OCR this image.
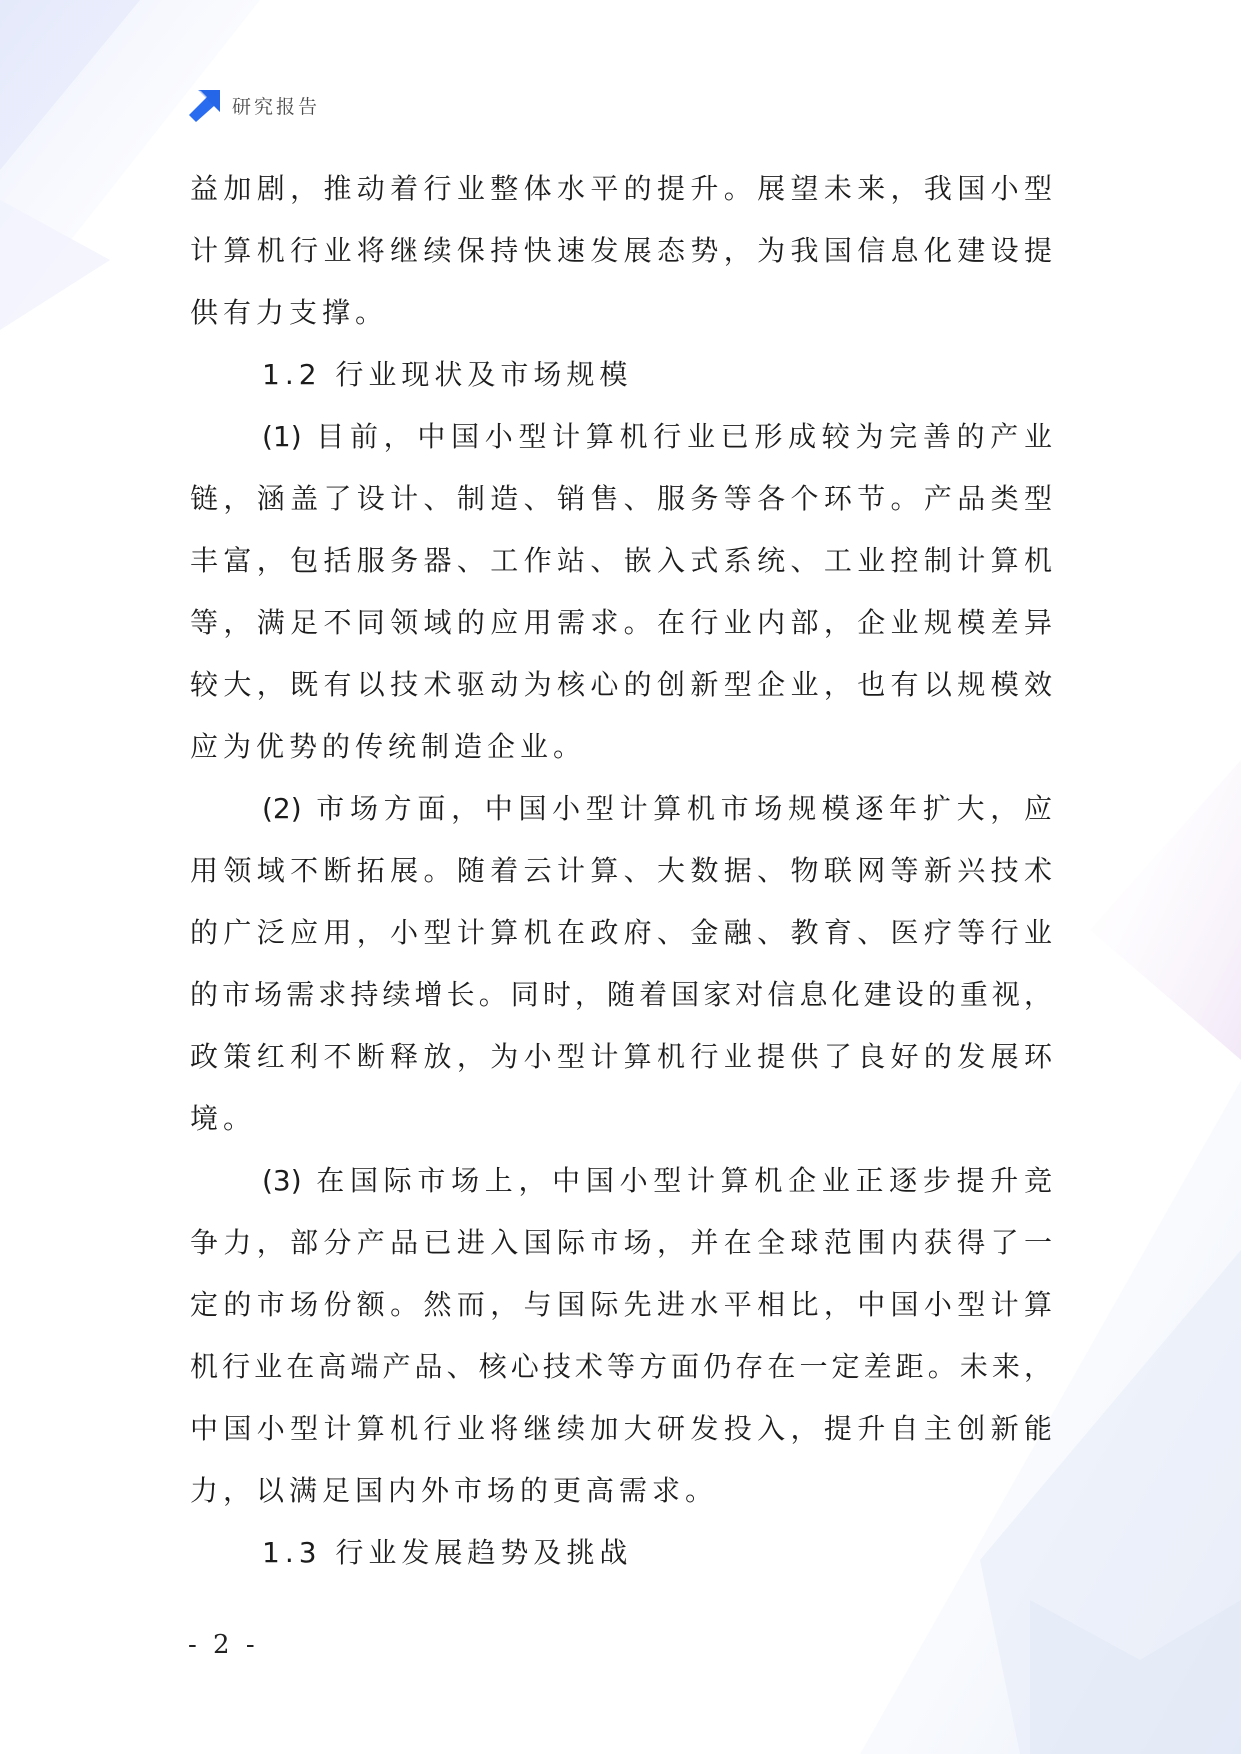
研究报告
益加剧，推动着行业整体水平的提升。展望未来，我国小型
计算机行业将继续保持快速发展态势，为我国信息化建设提
供有力支撑。
1.2 行业现状及市场规模
(1) 目前，中国小型计算机行业已形成较为完善的产业
链，涵盖了设计、制造、销售、服务等各个环节。产品类型
丰富，包括服务器、工作站、嵌入式系统、工业控制计算机
等，满足不同领域的应用需求。在行业内部，企业规模差异
较大，既有以技术驱动为核心的创新型企业，也有以规模效
应为优势的传统制造企业。
(2) 市场方面，中国小型计算机市场规模逐年扩大，应
用领域不断拓展。随着云计算、大数据、物联网等新兴技术
的广泛应用，小型计算机在政府、金融、教育、医疗等行业
的市场需求持续增长。同时，随着国家对信息化建设的重视，
政策红利不断释放，为小型计算机行业提供了良好的发展环
境。
(3) 在国际市场上，中国小型计算机企业正逐步提升竞
争力，部分产品已进入国际市场，并在全球范围内获得了一
定的市场份额。然而，与国际先进水平相比，中国小型计算
机行业在高端产品、核心技术等方面仍存在一定差距。未来，
中国小型计算机行业将继续加大研发投入，提升自主创新能
力，以满足国内外市场的更高需求。
1.3 行业发展趋势及挑战
- 2 -
